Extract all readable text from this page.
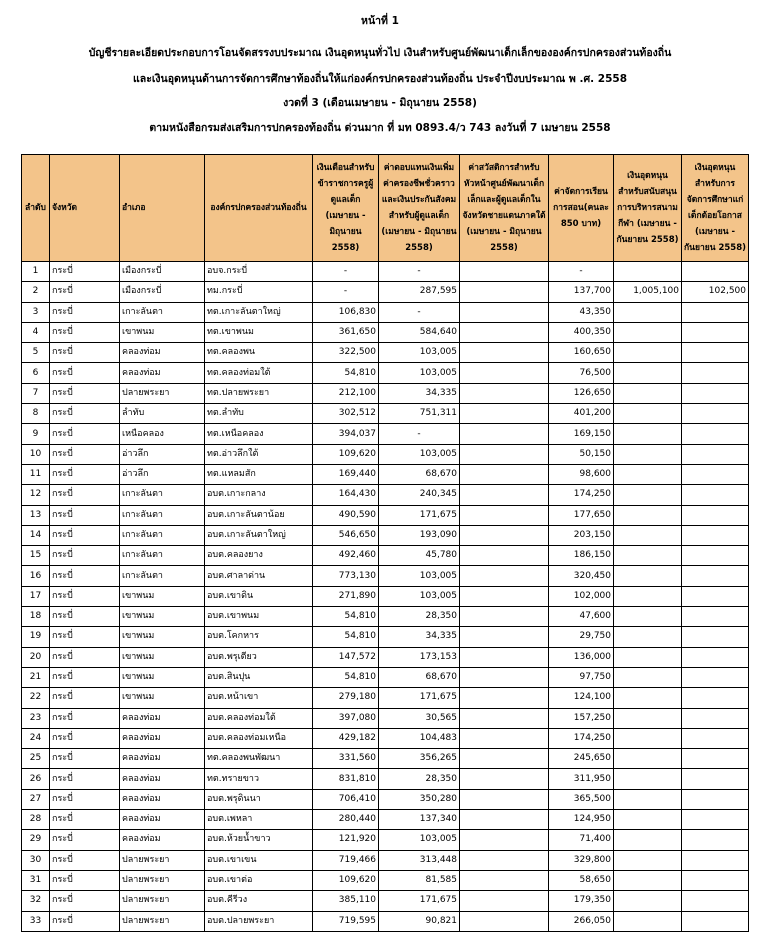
หน้าที่ 1
บัญชีรายละเอียดประกอบการโอนจัดสรรงบประมาณ เงินอุดหนุนทั่วไป เงินสำหรับศูนย์พัฒนาเด็กเล็กขององค์กรปกครองส่วนท้องถิ่น
และเงินอุดหนุนด้านการจัดการศึกษาท้องถิ่นให้แก่องค์กรปกครองส่วนท้องถิ่น ประจำปีงบประมาณ พ .ศ. 2558
งวดที่ 3 (เดือนเมษายน - มิถุนายน 2558)
ตามหนังสือกรมส่งเสริมการปกครองท้องถิ่น ด่วนมาก ที่ มท 0893.4/ว 743 ลงวันที่ 7 เมษายน 2558
ลำดับ	จังหวัด	อำเภอ	องค์กรปกครองส่วนท้องถิ่น	เงินเดือนสำหรับข้าราชการครูผู้ดูแลเด็ก (เมษายน - มิถุนายน 2558)	ค่าตอบแทนเงินเพิ่มค่าครองชีพชั่วคราวและเงินประกันสังคมสำหรับผู้ดูแลเด็ก (เมษายน - มิถุนายน 2558)	ค่าสวัสดิการสำหรับหัวหน้าศูนย์พัฒนาเด็กเล็กและผู้ดูแลเด็กในจังหวัดชายแดนภาคใต้ (เมษายน - มิถุนายน 2558)	ค่าจัดการเรียนการสอน(คนละ 850 บาท)	เงินอุดหนุนสำหรับสนับสนุนการบริหารสนามกีฬา (เมษายน - กันยายน 2558)	เงินอุดหนุนสำหรับการจัดการศึกษาแก่เด็กด้อยโอกาส (เมษายน - กันยายน 2558)
1	กระบี่	เมืองกระบี่	อบจ.กระบี่	-	-		-		
2	กระบี่	เมืองกระบี่	ทม.กระบี่	-	287,595		137,700	1,005,100	102,500
3	กระบี่	เกาะลันตา	ทต.เกาะลันตาใหญ่	106,830	-		43,350		
4	กระบี่	เขาพนม	ทต.เขาพนม	361,650	584,640		400,350		
5	กระบี่	คลองท่อม	ทต.คลองพน	322,500	103,005		160,650		
6	กระบี่	คลองท่อม	ทต.คลองท่อมใต้	54,810	103,005		76,500		
7	กระบี่	ปลายพระยา	ทต.ปลายพระยา	212,100	34,335		126,650		
8	กระบี่	ลำทับ	ทต.ลำทับ	302,512	751,311		401,200		
9	กระบี่	เหนือคลอง	ทต.เหนือคลอง	394,037	-		169,150		
10	กระบี่	อ่าวลึก	ทต.อ่าวลึกใต้	109,620	103,005		50,150		
11	กระบี่	อ่าวลึก	ทต.แหลมสัก	169,440	68,670		98,600		
12	กระบี่	เกาะลันตา	อบต.เกาะกลาง	164,430	240,345		174,250		
13	กระบี่	เกาะลันตา	อบต.เกาะลันตาน้อย	490,590	171,675		177,650		
14	กระบี่	เกาะลันตา	อบต.เกาะลันตาใหญ่	546,650	193,090		203,150		
15	กระบี่	เกาะลันตา	อบต.คลองยาง	492,460	45,780		186,150		
16	กระบี่	เกาะลันตา	อบต.ศาลาด่าน	773,130	103,005		320,450		
17	กระบี่	เขาพนม	อบต.เขาดิน	271,890	103,005		102,000		
18	กระบี่	เขาพนม	อบต.เขาพนม	54,810	28,350		47,600		
19	กระบี่	เขาพนม	อบต.โคกหาร	54,810	34,335		29,750		
20	กระบี่	เขาพนม	อบต.พรุเตียว	147,572	173,153		136,000		
21	กระบี่	เขาพนม	อบต.สินปุน	54,810	68,670		97,750		
22	กระบี่	เขาพนม	อบต.หน้าเขา	279,180	171,675		124,100		
23	กระบี่	คลองท่อม	อบต.คลองท่อมใต้	397,080	30,565		157,250		
24	กระบี่	คลองท่อม	อบต.คลองท่อมเหนือ	429,182	104,483		174,250		
25	กระบี่	คลองท่อม	ทต.คลองพนพัฒนา	331,560	356,265		245,650		
26	กระบี่	คลองท่อม	ทต.ทรายขาว	831,810	28,350		311,950		
27	กระบี่	คลองท่อม	อบต.พรุดินนา	706,410	350,280		365,500		
28	กระบี่	คลองท่อม	อบต.เพหลา	280,440	137,340		124,950		
29	กระบี่	คลองท่อม	อบต.ห้วยน้ำขาว	121,920	103,005		71,400		
30	กระบี่	ปลายพระยา	อบต.เขาเขน	719,466	313,448		329,800		
31	กระบี่	ปลายพระยา	อบต.เขาต่อ	109,620	81,585		58,650		
32	กระบี่	ปลายพระยา	อบต.คีรีวง	385,110	171,675		179,350		
33	กระบี่	ปลายพระยา	อบต.ปลายพระยา	719,595	90,821		266,050		
